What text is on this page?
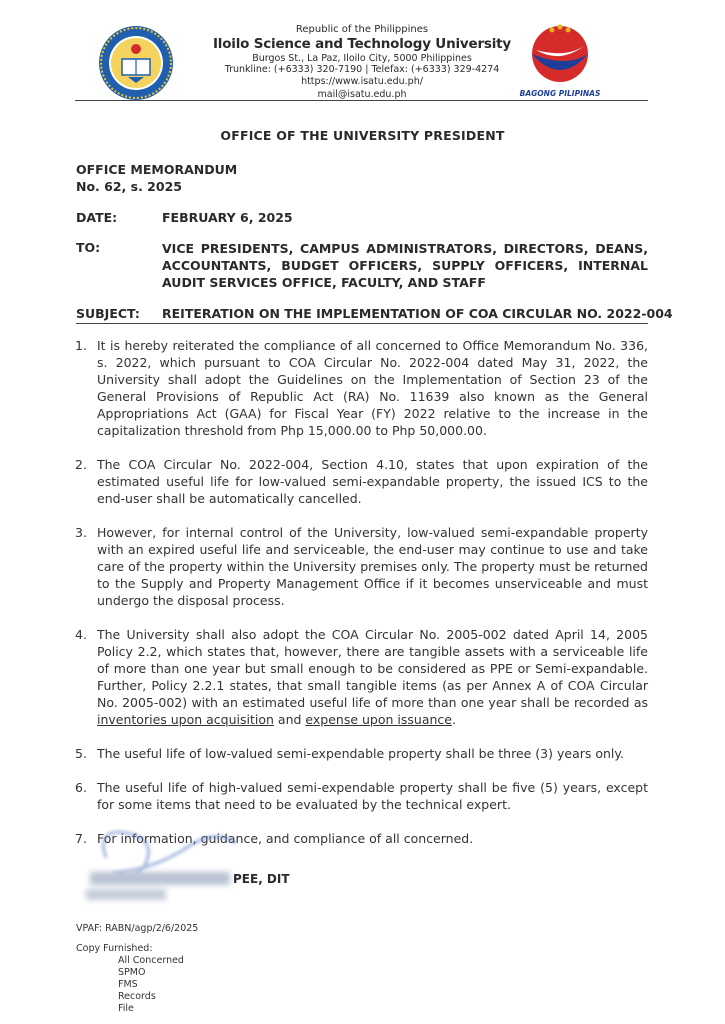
BAGONG PILIPINAS
Republic of the Philippines
Iloilo Science and Technology University
Burgos St., La Paz, Iloilo City, 5000 Philippines
Trunkline: (+6333) 320-7190 | Telefax: (+6333) 329-4274
https://www.isatu.edu.ph/
mail@isatu.edu.ph
OFFICE OF THE UNIVERSITY PRESIDENT
OFFICE MEMORANDUM
No. 62, s. 2025
DATE:	FEBRUARY 6, 2025
TO:	VICE PRESIDENTS, CAMPUS ADMINISTRATORS, DIRECTORS, DEANS, ACCOUNTANTS, BUDGET OFFICERS, SUPPLY OFFICERS, INTERNAL AUDIT SERVICES OFFICE, FACULTY, AND STAFF
SUBJECT: REITERATION ON THE IMPLEMENTATION OF COA CIRCULAR NO. 2022-004
1. It is hereby reiterated the compliance of all concerned to Office Memorandum No. 336, s. 2022, which pursuant to COA Circular No. 2022-004 dated May 31, 2022, the University shall adopt the Guidelines on the Implementation of Section 23 of the General Provisions of Republic Act (RA) No. 11639 also known as the General Appropriations Act (GAA) for Fiscal Year (FY) 2022 relative to the increase in the capitalization threshold from Php 15,000.00 to Php 50,000.00.
2. The COA Circular No. 2022-004, Section 4.10, states that upon expiration of the estimated useful life for low-valued semi-expandable property, the issued ICS to the end-user shall be automatically cancelled.
3. However, for internal control of the University, low-valued semi-expandable property with an expired useful life and serviceable, the end-user may continue to use and take care of the property within the University premises only. The property must be returned to the Supply and Property Management Office if it becomes unserviceable and must undergo the disposal process.
4. The University shall also adopt the COA Circular No. 2005-002 dated April 14, 2005 Policy 2.2, which states that, however, there are tangible assets with a serviceable life of more than one year but small enough to be considered as PPE or Semi-expandable. Further, Policy 2.2.1 states, that small tangible items (as per Annex A of COA Circular No. 2005-002) with an estimated useful life of more than one year shall be recorded as inventories upon acquisition and expense upon issuance.
5. The useful life of low-valued semi-expendable property shall be three (3) years only.
6. The useful life of high-valued semi-expendable property shall be five (5) years, except for some items that need to be evaluated by the technical expert.
7. For information, guidance, and compliance of all concerned.
PEE, DIT
VPAF: RABN/agp/2/6/2025
Copy Furnished:
All Concerned
SPMO
FMS
Records
File
